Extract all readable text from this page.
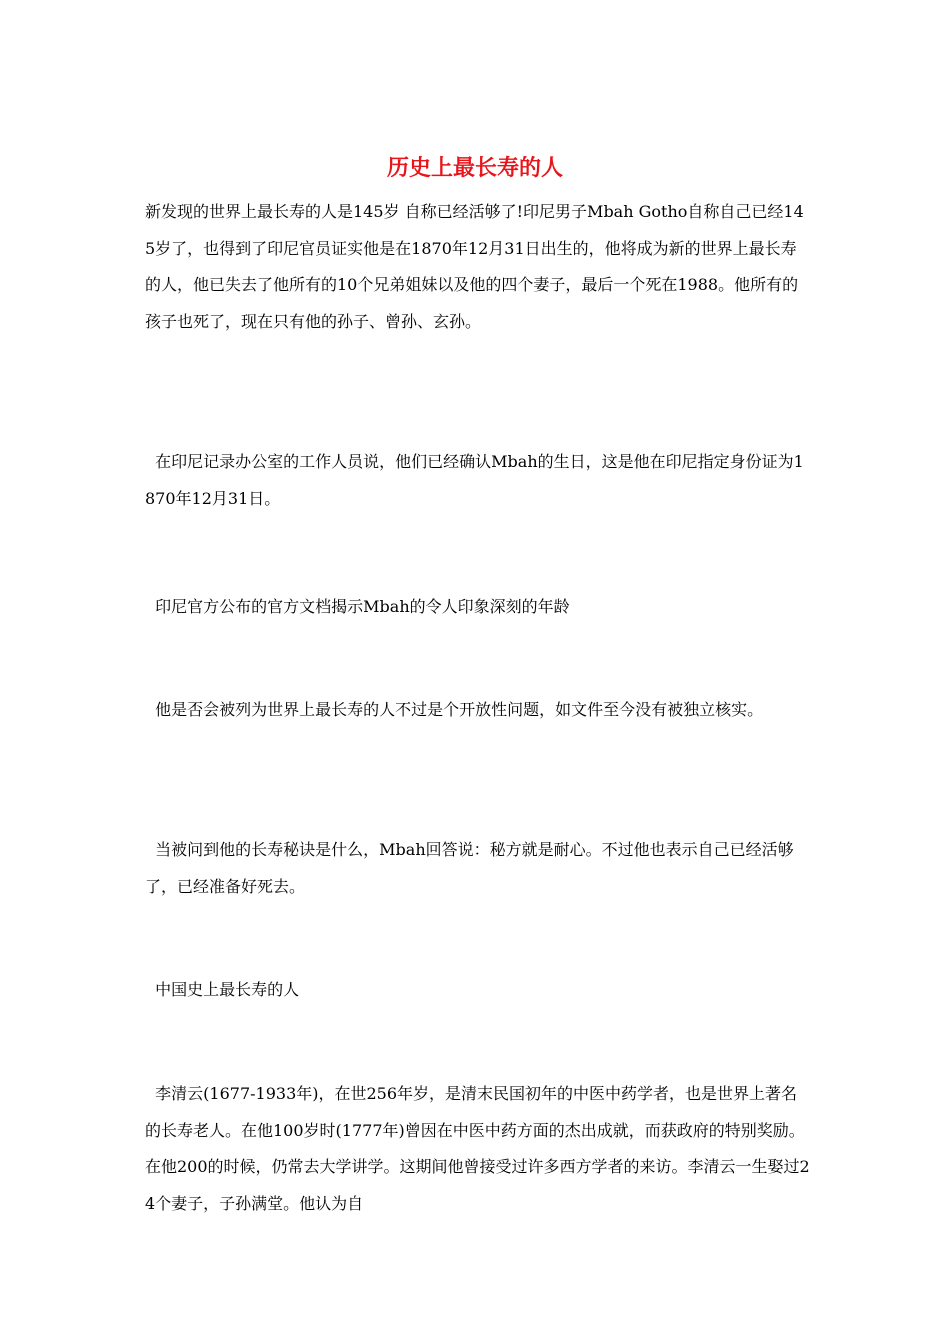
历史上最长寿的人

新发现的世界上最长寿的人是145岁 自称已经活够了!印尼男子Mbah Gotho自称自己已经145岁了，也得到了印尼官员证实他是在1870年12月31日出生的，他将成为新的世界上最长寿的人，他已失去了他所有的10个兄弟姐妹以及他的四个妻子，最后一个死在1988。他所有的孩子也死了，现在只有他的孙子、曾孙、玄孙。

在印尼记录办公室的工作人员说，他们已经确认Mbah的生日，这是他在印尼指定身份证为1870年12月31日。

印尼官方公布的官方文档揭示Mbah的令人印象深刻的年龄

他是否会被列为世界上最长寿的人不过是个开放性问题，如文件至今没有被独立核实。

当被问到他的长寿秘诀是什么，Mbah回答说：秘方就是耐心。不过他也表示自己已经活够了，已经准备好死去。

中国史上最长寿的人

李清云(1677-1933年)，在世256年岁，是清末民国初年的中医中药学者，也是世界上著名的长寿老人。在他100岁时(1777年)曾因在中医中药方面的杰出成就，而获政府的特别奖励。在他200的时候，仍常去大学讲学。这期间他曾接受过许多西方学者的来访。李清云一生娶过24个妻子，子孙满堂。他认为自
